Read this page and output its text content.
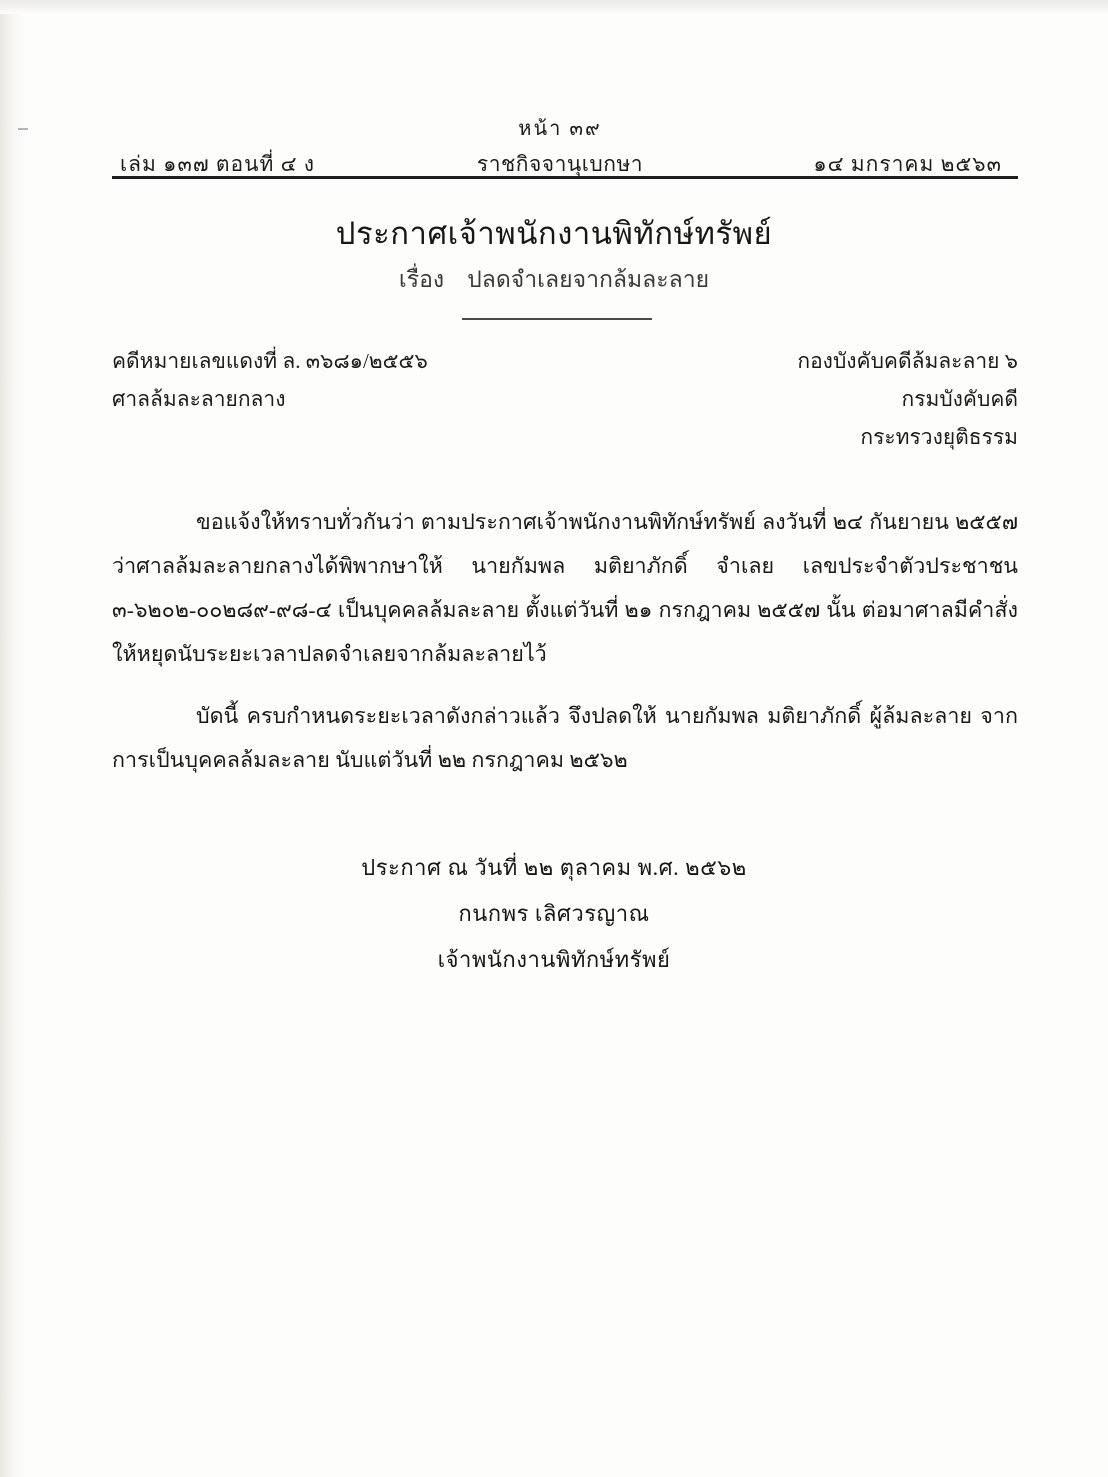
หน้า ๓๙
เล่ม ๑๓๗ ตอนที่ ๔ ง	ราชกิจจานุเบกษา	๑๔ มกราคม ๒๕๖๓
ประกาศเจ้าพนักงานพิทักษ์ทรัพย์
เรื่อง ปลดจำเลยจากล้มละลาย
คดีหมายเลขแดงที่ ล. ๓๖๘๑/๒๕๕๖	กองบังคับคดีล้มละลาย ๖
ศาลล้มละลายกลาง	กรมบังคับคดี
กระทรวงยุติธรรม
ขอแจ้งให้ทราบทั่วกันว่า ตามประกาศเจ้าพนักงานพิทักษ์ทรัพย์ ลงวันที่ ๒๔ กันยายน ๒๕๕๗ ว่าศาลล้มละลายกลางได้พิพากษาให้ นายกัมพล มติยาภักดิ์ จำเลย เลขประจำตัวประชาชน ๓-๖๒๐๒-๐๐๒๘๙-๙๘-๔ เป็นบุคคลล้มละลาย ตั้งแต่วันที่ ๒๑ กรกฎาคม ๒๕๕๗ นั้น ต่อมาศาลมีคำสั่งให้หยุดนับระยะเวลาปลดจำเลยจากล้มละลายไว้
บัดนี้ ครบกำหนดระยะเวลาดังกล่าวแล้ว จึงปลดให้ นายกัมพล มติยาภักดิ์ ผู้ล้มละลาย จากการเป็นบุคคลล้มละลาย นับแต่วันที่ ๒๒ กรกฎาคม ๒๕๖๒
ประกาศ ณ วันที่ ๒๒ ตุลาคม พ.ศ. ๒๕๖๒
กนกพร เลิศวรญาณ
เจ้าพนักงานพิทักษ์ทรัพย์
